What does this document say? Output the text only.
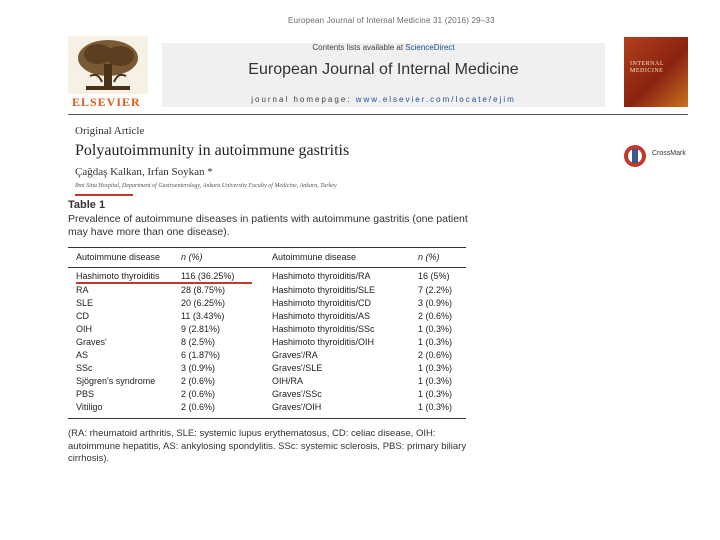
European Journal of Internal Medicine 31 (2016) 29–33
ELSEVIER
Contents lists available at ScienceDirect
European Journal of Internal Medicine
journal homepage: www.elsevier.com/locate/ejim
INTERNAL MEDICINE
Original Article
Polyautoimmunity in autoimmune gastritis
Çağdaş Kalkan, Irfan Soykan *
Ibni Sina Hospital, Department of Gastroenterology, Ankara University Faculty of Medicine, Ankara, Turkey
CrossMark
Table 1
Prevalence of autoimmune diseases in patients with autoimmune gastritis (one patient may have more than one disease).
Autoimmune disease n (%)	Autoimmune disease	n (%)
Hashimoto thyroiditis 116 (36.25%)	Hashimoto thyroiditis/RA	16 (5%)
RA	28 (8.75%)	Hashimoto thyroiditis/SLE	7 (2.2%)
SLE	20 (6.25%)	Hashimoto thyroiditis/CD	3 (0.9%)
CD	11 (3.43%)	Hashimoto thyroiditis/AS	2 (0.6%)
OIH	9 (2.81%)	Hashimoto thyroiditis/SSc	1 (0.3%)
Graves'	8 (2.5%)	Hashimoto thyroiditis/OIH	1 (0.3%)
AS	6 (1.87%)	Graves'/RA	2 (0.6%)
SSc	3 (0.9%)	Graves'/SLE	1 (0.3%)
Sjögren's syndrome	2 (0.6%)	OIH/RA	1 (0.3%)
PBS	2 (0.6%)	Graves'/SSc	1 (0.3%)
Vitiligo	2 (0.6%)	Graves'/OIH	1 (0.3%)
(RA: rheumatoid arthritis, SLE: systemic lupus erythematosus, CD: celiac disease, OIH: autoimmune hepatitis, AS: ankylosing spondylitis. SSc: systemic sclerosis, PBS: primary biliary cirrhosis).
